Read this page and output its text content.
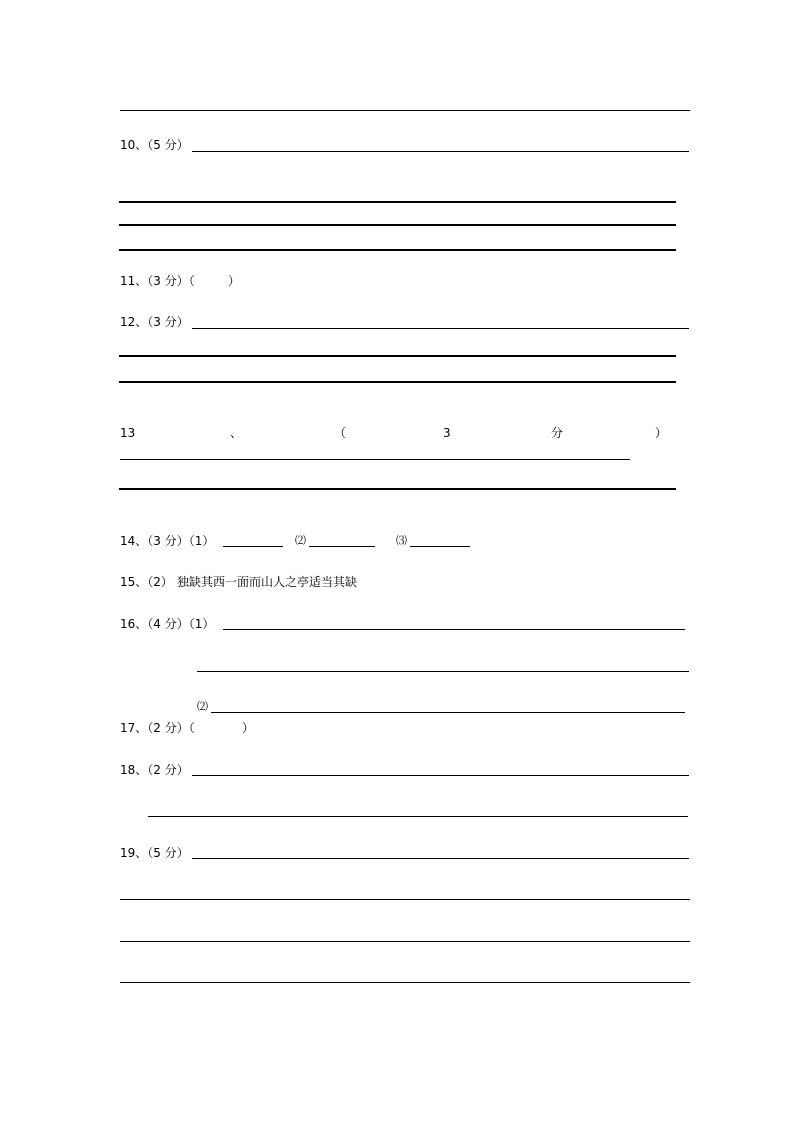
10、（5 分）
11、（3 分）（	）
12、（3 分）
13	、	（	3	分	）
14、（3 分）（1）	⑵	⑶
15、（2） 独缺其西一面而山人之亭适当其缺
16、（4 分）（1）
⑵
17、（2 分）（	）
18、（2 分）
19、（5 分）
